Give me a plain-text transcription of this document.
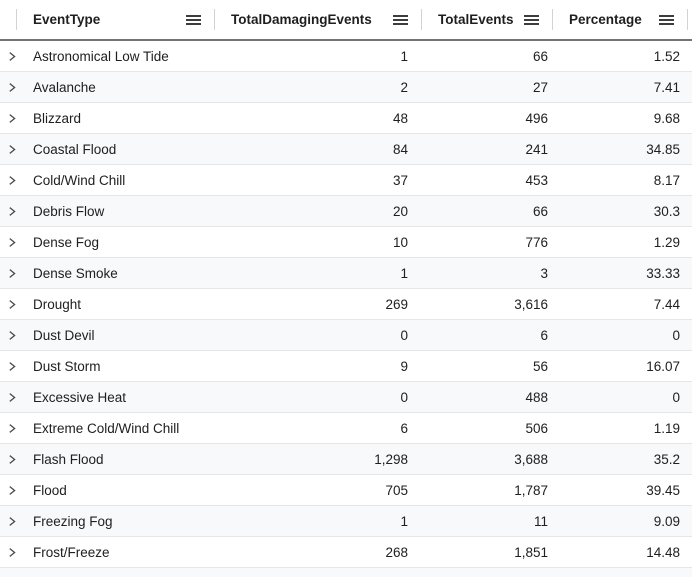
EventType	TotalDamagingEvents	TotalEvents	Percentage
Astronomical Low Tide	1	66	1.52
Avalanche	2	27	7.41
Blizzard	48	496	9.68
Coastal Flood	84	241	34.85
Cold/Wind Chill	37	453	8.17
Debris Flow	20	66	30.3
Dense Fog	10	776	1.29
Dense Smoke	1	3	33.33
Drought	269	3,616	7.44
Dust Devil	0	6	0
Dust Storm	9	56	16.07
Excessive Heat	0	488	0
Extreme Cold/Wind Chill	6	506	1.19
Flash Flood	1,298	3,688	35.2
Flood	705	1,787	39.45
Freezing Fog	1	11	9.09
Frost/Freeze	268	1,851	14.48
